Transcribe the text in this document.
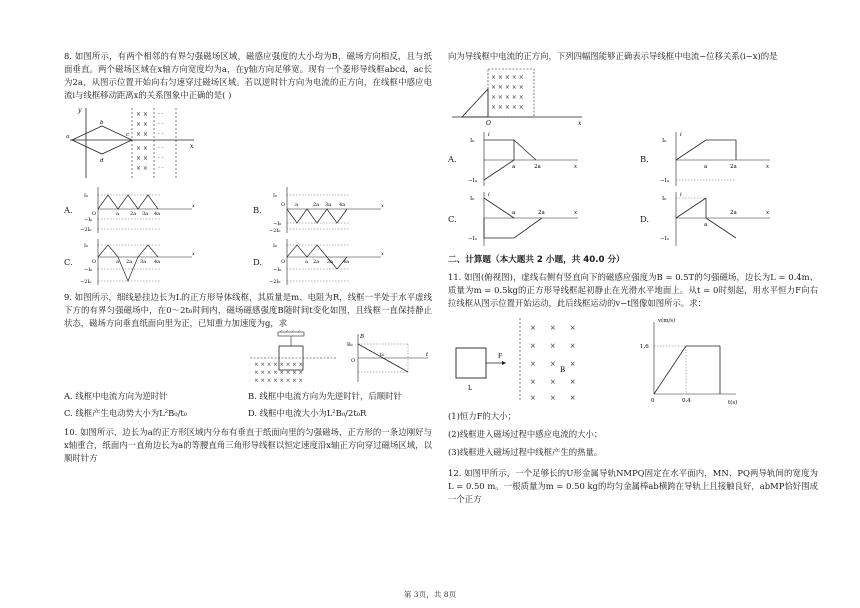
8. 如图所示，有两个相邻的有界匀强磁场区域，磁感应强度的大小均为B，磁场方向相反，且与纸面垂直。两个磁场区域在x轴方向宽度均为a，在y轴方向足够宽。现有一个菱形导线框abcd，ac长为2a，从图示位置开始向右匀速穿过磁场区域。若以逆时针方向为电流的正方向，在线框中感应电流i与线框移动距离x的关系图象中正确的是( )

× ×
× ×
× ×
× ×
× ×
× ×
· ·
· ·
· ·
· ·
· ·
· ·
y
x
b
d
a	c
A.
I₀
−I₀
−2I₀
O	a 2a 3a 4a
x	B.
I₀
−I₀
−2I₀
O a	2a 3a 4a	x
C.
I₀
−I₀
−2I₀
O	a 2a 3a 4a
x
D.
I₀
−I₀
−2I₀
O	a 2a 3a 4a
x

9. 如图所示，细线悬挂边长为L的正方形导体线框，其质量是m、电阻为R，线框一半处于水平虚线下方的有界匀强磁场中，在0～2t₀时间内，磁场磁感强度B随时间t变化如图，且线框一直保持静止状态，磁场方向垂直纸面向里为正，已知重力加速度为g，求

× × × × × × × ×
× × × × × × × ×
× × × × × × × ×
B
B₀
O
t₀	t
A. 线框中电流方向为逆时针	B. 线框中电流方向为先逆时针，后顺时针
C. 线框产生电动势大小为L²B₀/t₀	D. 线框中电流大小为L²B₀/2t₀R

10. 如图所示，边长为a的正方形区域内分布有垂直于纸面向里的匀强磁场，正方形的一条边刚好与x轴重合，纸面内一直角边长为a的等腰直角三角形导线框以恒定速度沿x轴正方向穿过磁场区域，以顺时针方

向为导线框中电流的正方向，下列四幅图能够正确表示导线框中电流−位移关系(i−x)的是

× × × × ×
× × × × ×
× × × × ×
× × × × ×
O	x
A.
I₀
−I₀
i
a	2a	x
B.
I₀
−I₀
i
a	2a	x
C.
I₀
−I₀
i
a	2a	x
D.
I₀
−I₀
i
a
2a	x
二、计算题（本大题共 2 小题，共 40.0 分）

11. 如图(俯视图)，虚线右侧有竖直向下的磁感应强度为B = 0.5T的匀强磁场，边长为L = 0.4m、质量为m = 0.5kg的正方形导线框起初静止在光滑水平地面上。从t = 0时刻起，用水平恒力F向右拉线框从图示位置开始运动，此后线框运动的v−t图像如图所示。求：

F
L
×　　×　　×
×　　×　　×
×　　×　　×
×　　×　　×
×　　×　　×
B
v(m/s)
1.6
0	0.4	t(s)

(1)恒力F的大小；

(2)线框进入磁场过程中感应电流的大小；

(3)线框进入磁场过程中线框产生的热量。

12. 如图甲所示，一个足够长的U形金属导轨NMPQ固定在水平面内，MN、PQ两导轨间的宽度为L = 0.50 m。一根质量为m = 0.50 kg的均匀金属棒ab横跨在导轨上且接触良好，abMP恰好围成一个正方

第 3页，共 8页
